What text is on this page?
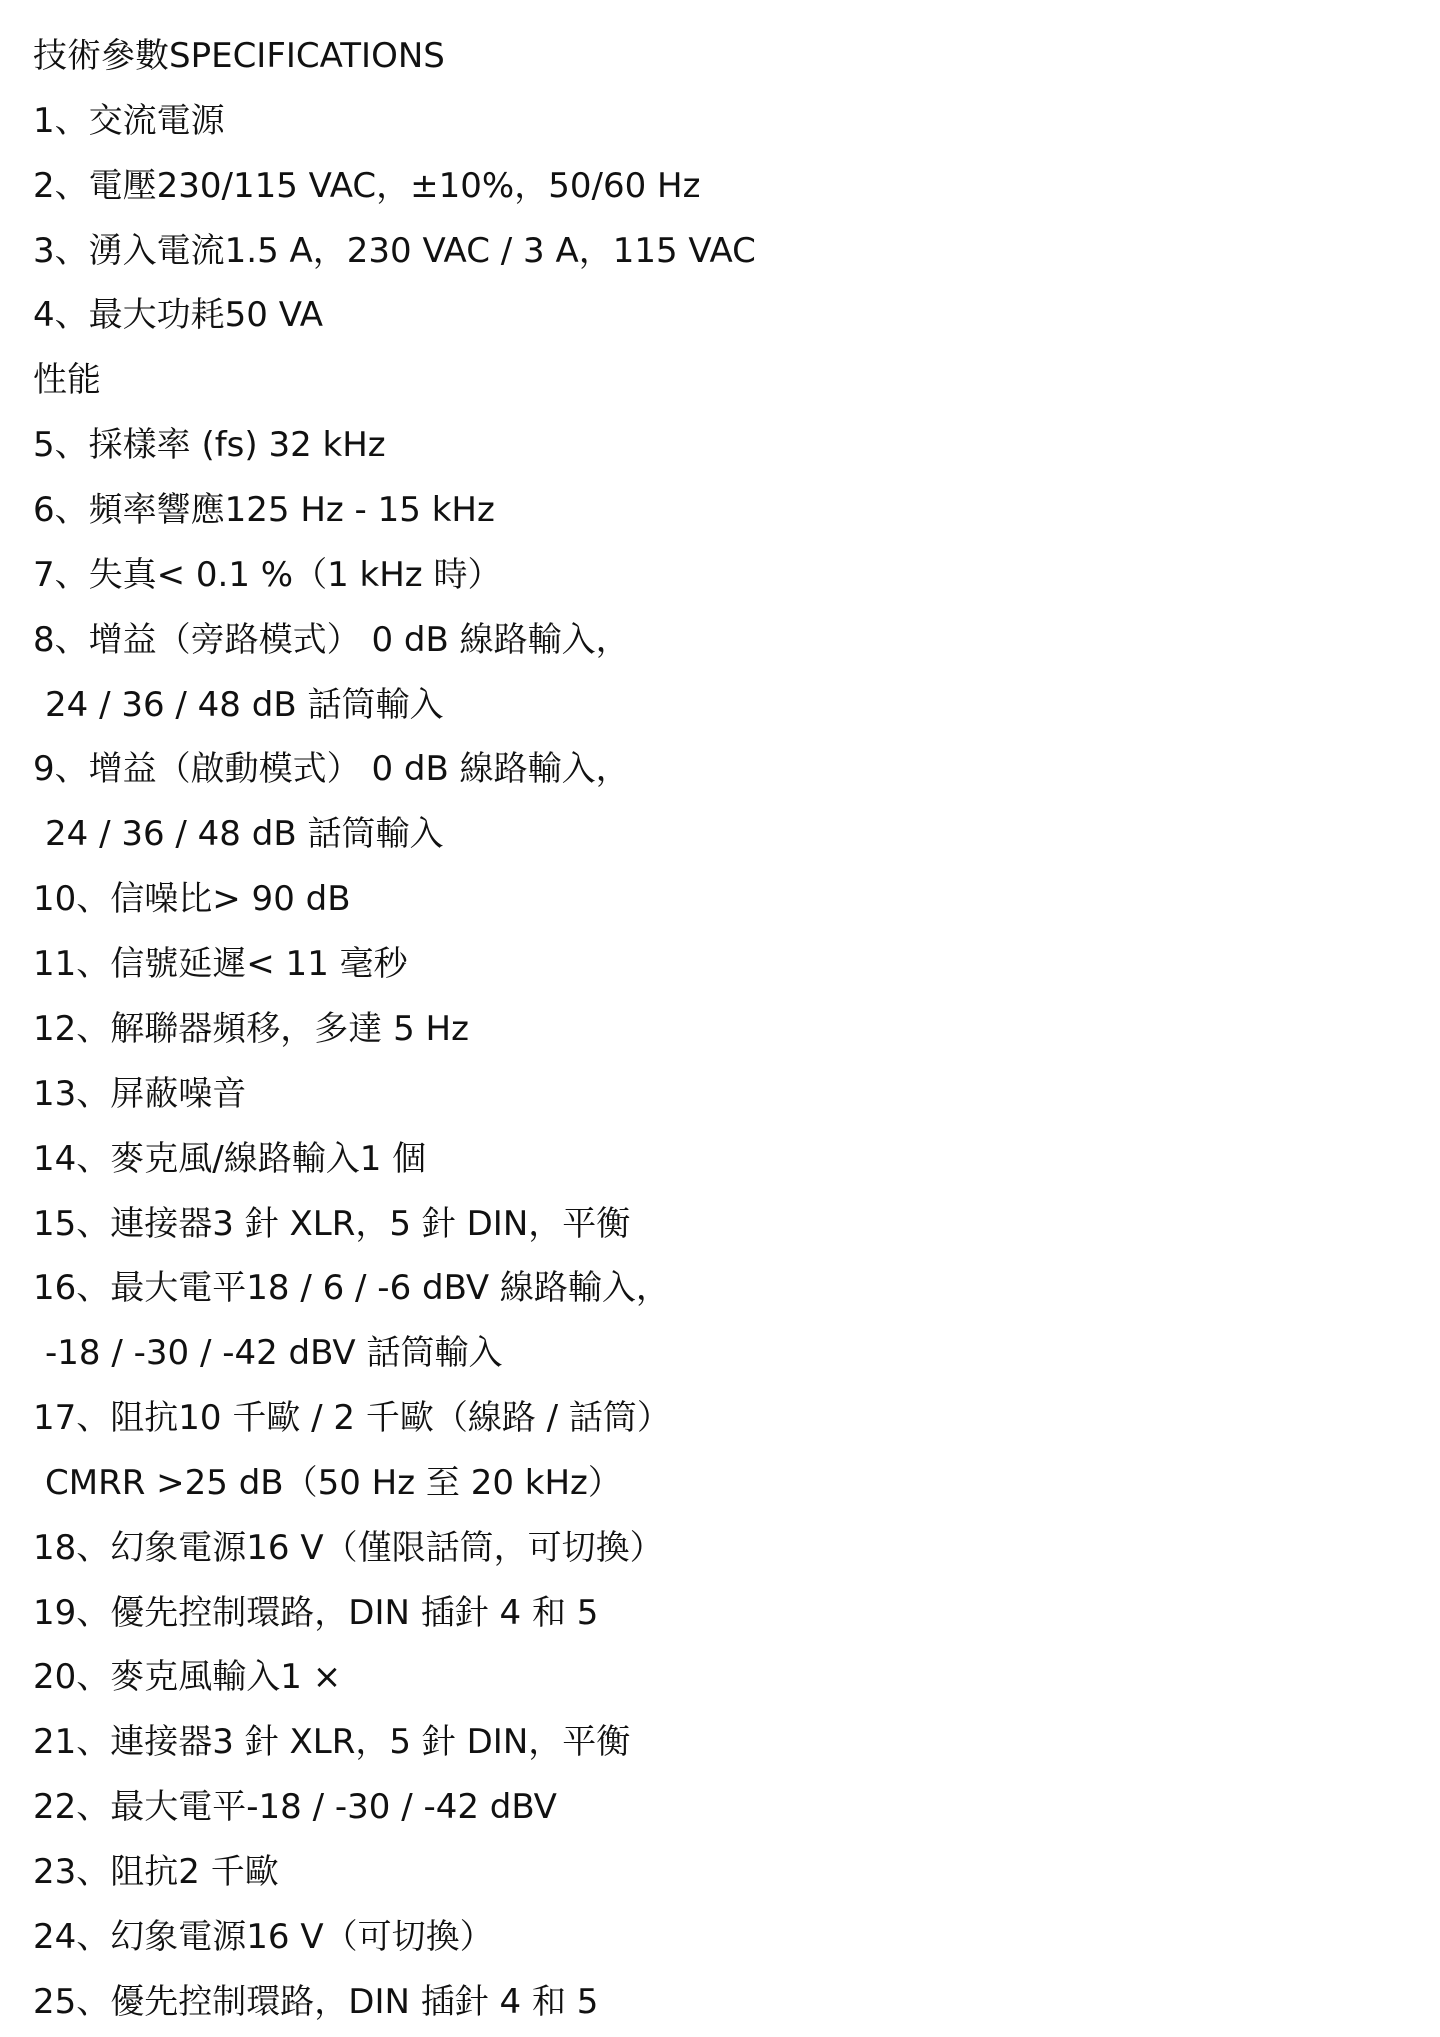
技術參數SPECIFICATIONS
1、交流電源
2、電壓230/115 VAC，±10%，50/60 Hz
3、湧入電流1.5 A，230 VAC / 3 A，115 VAC
4、最大功耗50 VA
性能
5、採樣率 (fs) 32 kHz
6、頻率響應125 Hz - 15 kHz
7、失真< 0.1 %（1 kHz 時）
8、增益（旁路模式） 0 dB 線路輸入，
24 / 36 / 48 dB 話筒輸入
9、增益（啟動模式） 0 dB 線路輸入，
24 / 36 / 48 dB 話筒輸入
10、信噪比> 90 dB
11、信號延遲< 11 毫秒
12、解聯器頻移，多達 5 Hz
13、屏蔽噪音
14、麥克風/線路輸入1 個
15、連接器3 針 XLR，5 針 DIN，平衡
16、最大電平18 / 6 / -6 dBV 線路輸入，
-18 / -30 / -42 dBV 話筒輸入
17、阻抗10 千歐 / 2 千歐（線路 / 話筒）
CMRR >25 dB（50 Hz 至 20 kHz）
18、幻象電源16 V（僅限話筒，可切換）
19、優先控制環路，DIN 插針 4 和 5
20、麥克風輸入1 ×
21、連接器3 針 XLR，5 針 DIN，平衡
22、最大電平-18 / -30 / -42 dBV
23、阻抗2 千歐
24、幻象電源16 V（可切換）
25、優先控制環路，DIN 插針 4 和 5
